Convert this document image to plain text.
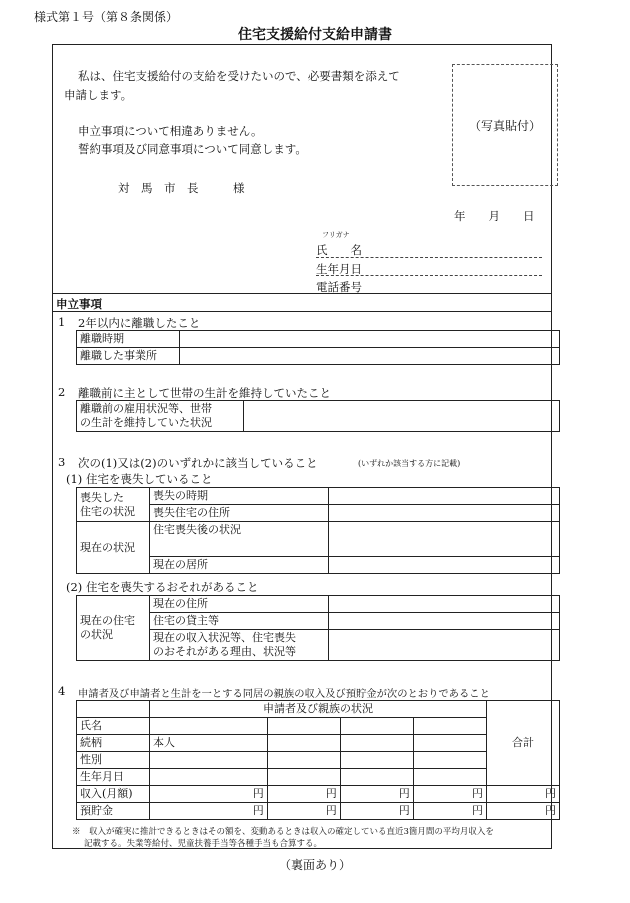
様式第１号（第８条関係）
住宅支援給付支給申請書
私は、住宅支援給付の支給を受けたいので、必要書類を添えて
申請します。
申立事項について相違ありません。
誓約事項及び同意事項について同意します。
対　馬　市　長　　　様
（写真貼付）
年　　月　　日
フリガナ
氏　　名
生年月日
電話番号
申立事項
1 2年以内に離職したこと
離職時期	
離職した事業所	
2 離職前に主として世帯の生計を維持していたこと
離職前の雇用状況等、世帯
の生計を維持していた状況	
3 次の(1)又は(2)のいずれかに該当していること	(いずれか該当する方に記載)
(1) 住宅を喪失していること
喪失した
住宅の状況	喪失の時期	
	喪失住宅の住所	
現在の状況	住宅喪失後の状況	
	現在の居所	
(2) 住宅を喪失するおそれがあること
現在の住宅
の状況	現在の住所	
	住宅の貸主等	
	現在の収入状況等、住宅喪失
のおそれがある理由、状況等	
4 申請者及び申請者と生計を一とする同居の親族の収入及び預貯金が次のとおりであること
	申請者及び親族の状況				合計
氏名					
続柄	本人				
性別					
生年月日					
収入(月額)	円	円	円	円	円
預貯金	円	円	円	円	円
※　収入が確実に推計できるときはその額を、変動あるときは収入の確定している直近3箇月間の平均月収入を
記載する。失業等給付、児童扶養手当等各種手当も合算する。
（裏面あり）
